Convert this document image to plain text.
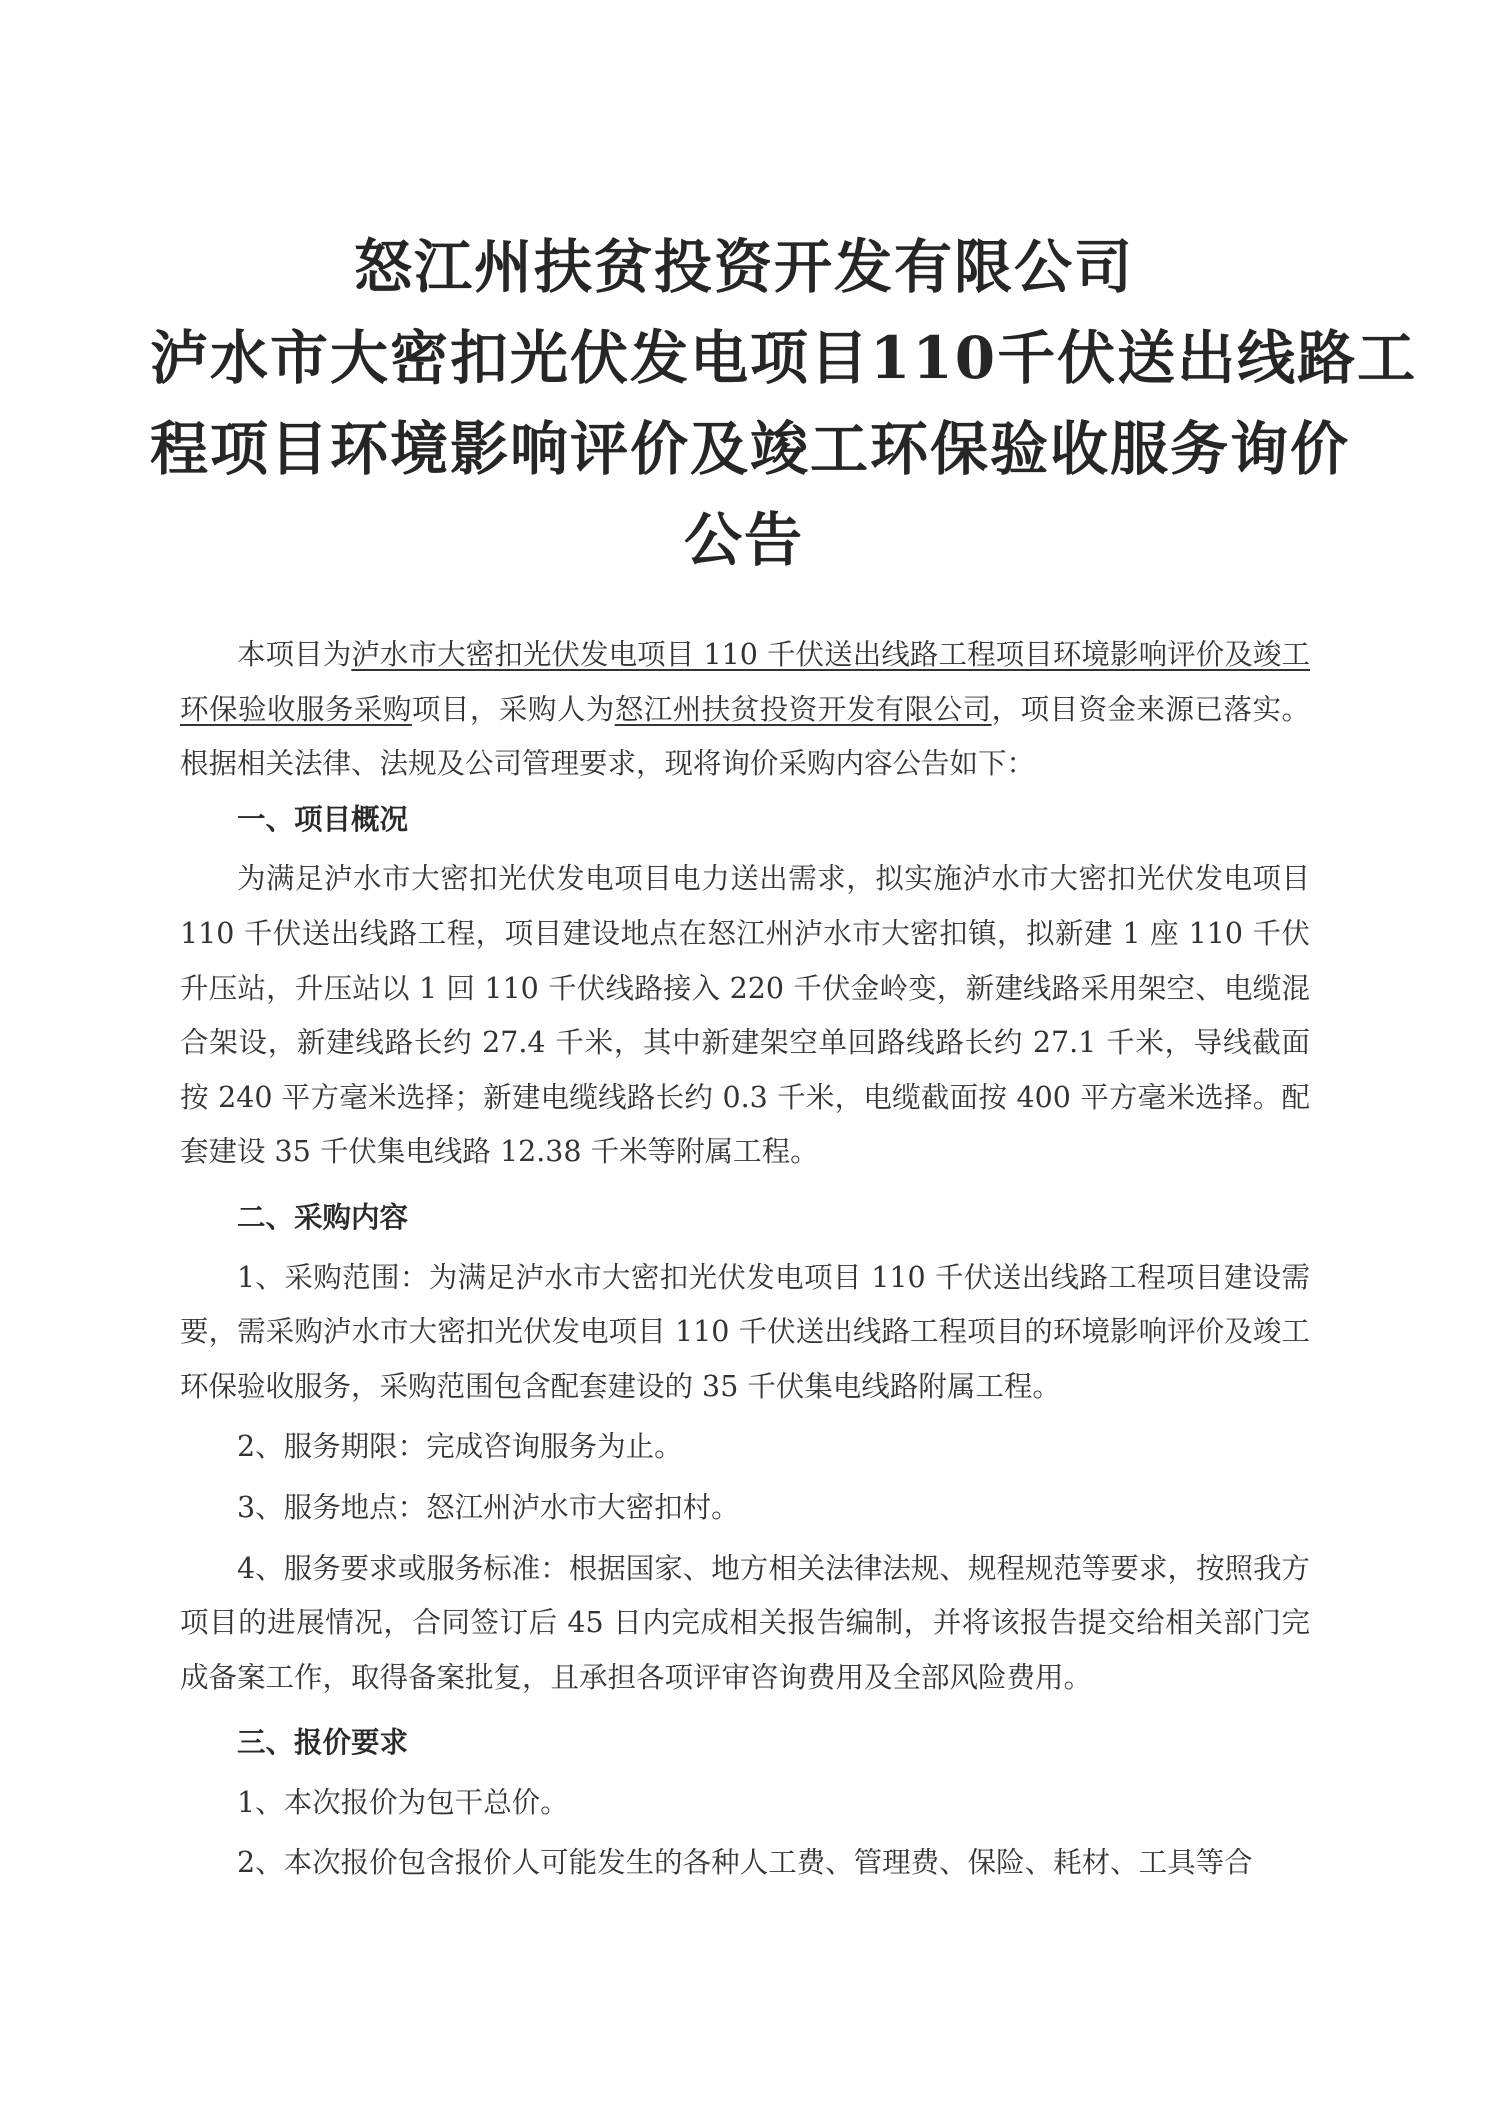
怒江州扶贫投资开发有限公司
泸水市大密扣光伏发电项目110千伏送出线路工
程项目环境影响评价及竣工环保验收服务询价
公告

本项目为泸水市大密扣光伏发电项目 110 千伏送出线路工程项目环境影响评价及竣工环保验收服务采购项目，采购人为怒江州扶贫投资开发有限公司，项目资金来源已落实。根据相关法律、法规及公司管理要求，现将询价采购内容公告如下：

一、项目概况

为满足泸水市大密扣光伏发电项目电力送出需求，拟实施泸水市大密扣光伏发电项目 110 千伏送出线路工程，项目建设地点在怒江州泸水市大密扣镇，拟新建 1 座 110 千伏升压站，升压站以 1 回 110 千伏线路接入 220 千伏金岭变，新建线路采用架空、电缆混合架设，新建线路长约 27.4 千米，其中新建架空单回路线路长约 27.1 千米，导线截面按 240 平方毫米选择；新建电缆线路长约 0.3 千米，电缆截面按 400 平方毫米选择。配套建设 35 千伏集电线路 12.38 千米等附属工程。

二、采购内容

1、采购范围：为满足泸水市大密扣光伏发电项目 110 千伏送出线路工程项目建设需要，需采购泸水市大密扣光伏发电项目 110 千伏送出线路工程项目的环境影响评价及竣工环保验收服务，采购范围包含配套建设的 35 千伏集电线路附属工程。

2、服务期限：完成咨询服务为止。

3、服务地点：怒江州泸水市大密扣村。

4、服务要求或服务标准：根据国家、地方相关法律法规、规程规范等要求，按照我方项目的进展情况，合同签订后 45 日内完成相关报告编制，并将该报告提交给相关部门完成备案工作，取得备案批复，且承担各项评审咨询费用及全部风险费用。

三、报价要求

1、本次报价为包干总价。

2、本次报价包含报价人可能发生的各种人工费、管理费、保险、耗材、工具等合
